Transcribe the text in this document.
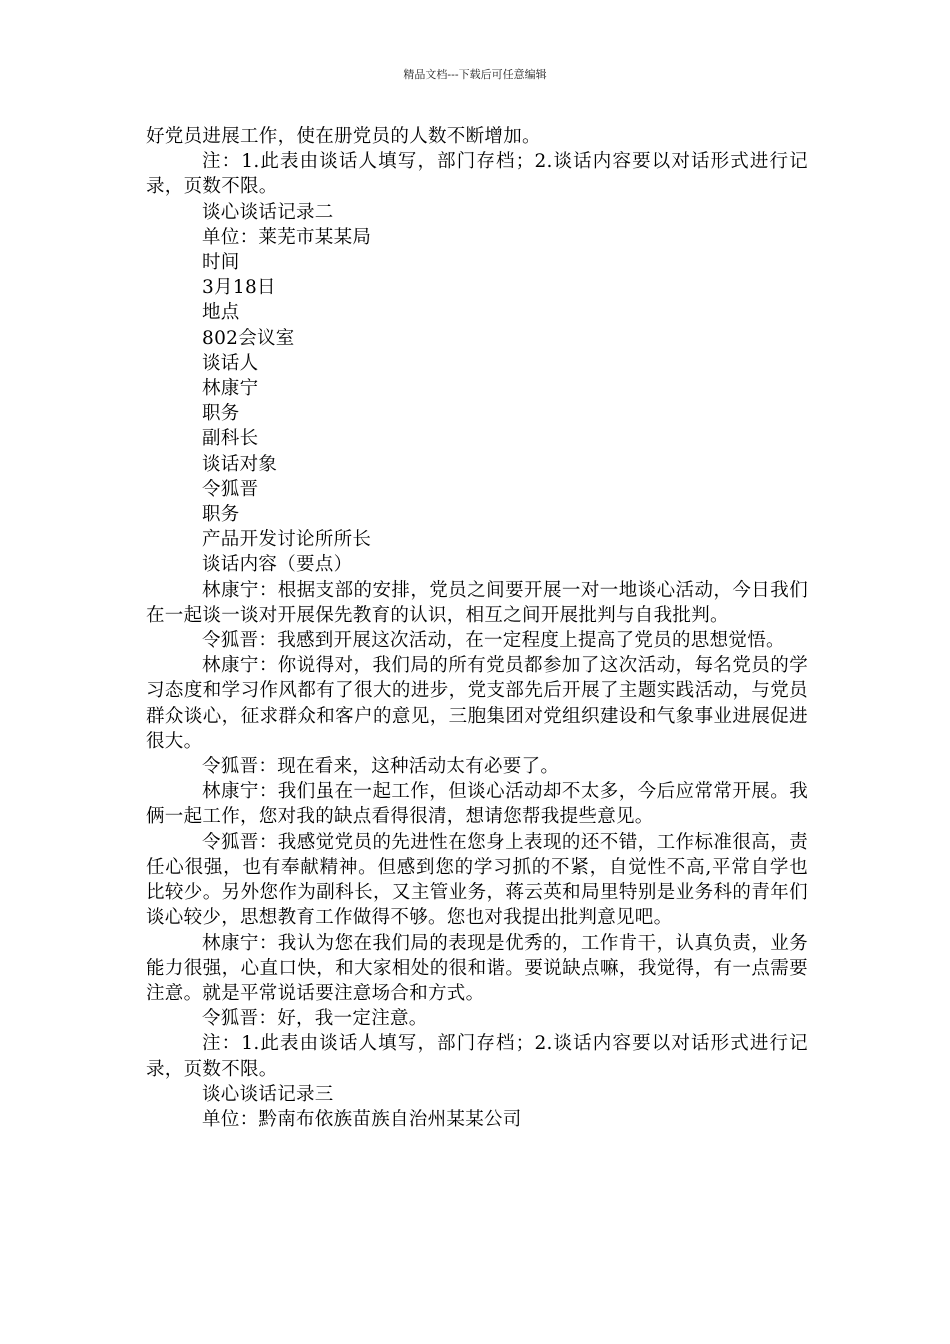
精品文档---下载后可任意编辑

好党员进展工作，使在册党员的人数不断增加。

注：1.此表由谈话人填写，部门存档；2.谈话内容要以对话形式进行记录，页数不限。

谈心谈话记录二

单位：莱芜市某某局

时间

3月18日

地点

802会议室

谈话人

林康宁

职务

副科长

谈话对象

令狐晋

职务

产品开发讨论所所长

谈话内容（要点）

林康宁：根据支部的安排，党员之间要开展一对一地谈心活动，今日我们在一起谈一谈对开展保先教育的认识，相互之间开展批判与自我批判。

令狐晋：我感到开展这次活动，在一定程度上提高了党员的思想觉悟。

林康宁：你说得对，我们局的所有党员都参加了这次活动，每名党员的学习态度和学习作风都有了很大的进步，党支部先后开展了主题实践活动，与党员群众谈心，征求群众和客户的意见，三胞集团对党组织建设和气象事业进展促进很大。

令狐晋：现在看来，这种活动太有必要了。

林康宁：我们虽在一起工作，但谈心活动却不太多，今后应常常开展。我俩一起工作，您对我的缺点看得很清，想请您帮我提些意见。

令狐晋：我感觉党员的先进性在您身上表现的还不错，工作标准很高，责任心很强，也有奉献精神。但感到您的学习抓的不紧，自觉性不高,平常自学也比较少。另外您作为副科长，又主管业务，蒋云英和局里特别是业务科的青年们谈心较少，思想教育工作做得不够。您也对我提出批判意见吧。

林康宁：我认为您在我们局的表现是优秀的，工作肯干，认真负责，业务能力很强，心直口快，和大家相处的很和谐。要说缺点嘛，我觉得，有一点需要注意。就是平常说话要注意场合和方式。

令狐晋：好，我一定注意。

注：1.此表由谈话人填写，部门存档；2.谈话内容要以对话形式进行记录，页数不限。

谈心谈话记录三

单位：黔南布依族苗族自治州某某公司
